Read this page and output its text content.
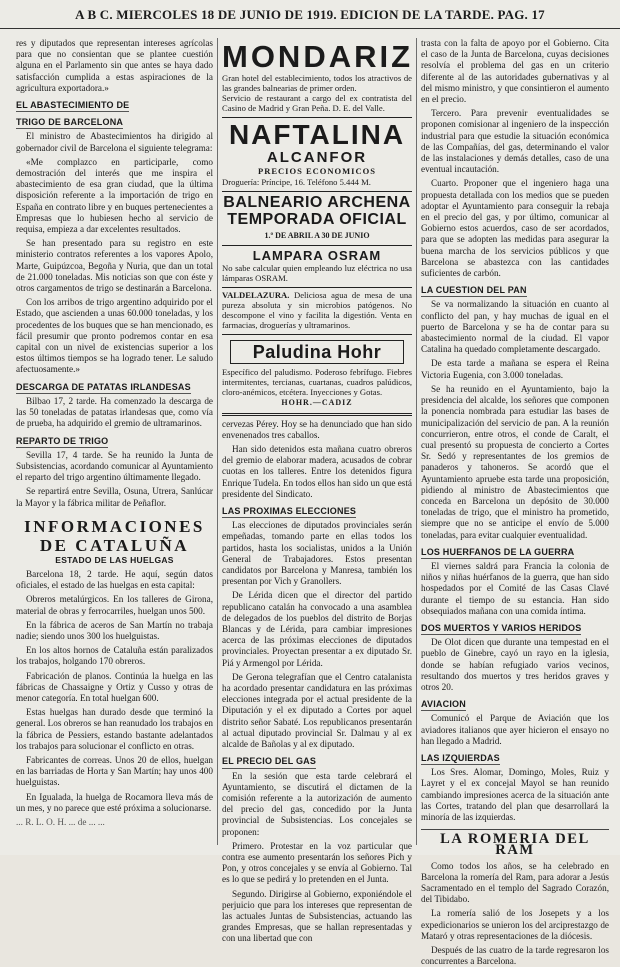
A B C. MIERCOLES 18 DE JUNIO DE 1919. EDICION DE LA TARDE. PAG. 17

res y diputados que representan intereses agrícolas para que no consientan que se plantee cuestión alguna en el Parlamento sin que antes se haya dado satisfacción cumplida a estas aspiraciones de la agricultura exportadora.»

EL ABASTECIMIENTO DE TRIGO DE BARCELONA

El ministro de Abastecimientos ha dirigido al gobernador civil de Barcelona el siguiente telegrama:

«Me complazco en participarle, como demostración del interés que me inspira el abastecimiento de esa gran ciudad, que la última disposición referente a la importación de trigo en España en contrato libre y en buques pertenecientes a Empresas que lo hubiesen hecho al servicio de requisa, empieza a dar excelentes resultados.

Se han presentado para su registro en este ministerio contratos referentes a los vapores Apolo, Marte, Guipúzcoa, Begoña y Nuria, que dan un total de 21.000 toneladas. Mis noticias son que con éste y otros cargamentos de trigo se destinarán a Barcelona.

Con los arribos de trigo argentino adquirido por el Estado, que ascienden a unas 60.000 toneladas, y los procedentes de los buques que se han mencionado, es fácil presumir que pronto podremos contar en esa capital con un nivel de existencias superior a los estos últimos tiempos se ha logrado tener. Le saludo afectuosamente.»

DESCARGA DE PATATAS IRLANDESAS

Bilbao 17, 2 tarde. Ha comenzado la descarga de las 50 toneladas de patatas irlandesas que, como vía de prueba, ha adquirido el gremio de ultramarinos.

REPARTO DE TRIGO

Sevilla 17, 4 tarde. Se ha reunido la Junta de Subsistencias, acordando comunicar al Ayuntamiento el reparto del trigo argentino últimamente llegado.

Se repartirá entre Sevilla, Osuna, Utrera, Sanlúcar la Mayor y la fábrica militar de Peñaflor.

INFORMACIONES DE CATALUÑA
ESTADO DE LAS HUELGAS

Barcelona 18, 2 tarde. He aquí, según datos oficiales, el estado de las huelgas en esta capital:

Obreros metalúrgicos. En los talleres de Girona, material de obras y ferrocarriles, huelgan unos 500.

En la fábrica de aceros de San Martín no trabaja nadie; siendo unos 300 los huelguistas.

En los altos hornos de Cataluña están paralizados los trabajos, holgando 170 obreros.

Fabricación de planos. Continúa la huelga en las fábricas de Chassaigne y Ortiz y Cusso y otras de menor categoría. En total huelgan 600.

Estas huelgas han durado desde que terminó la general. Los obreros se han reanudado los trabajos en la fábrica de Pessiers, estando bastante adelantados los trabajos para solucionar el conflicto en otras.

Fabricantes de correas. Unos 20 de ellos, huelgan en las barriadas de Horta y San Martín; hay unos 400 huelguistas.

En Igualada, la huelga de Rocamora lleva más de un mes, y no parece que esté próxima a solucionarse.

... R. L. O. H. ... de ... ...

MONDARIZ
Gran hotel del establecimiento, todos los atractivos de las grandes balnearias de primer orden.
Servicio de restaurant a cargo del ex contratista del Casino de Madrid y Gran Peña. D. E. del Valle.
NAFTALINA
ALCANFOR
PRECIOS ECONOMICOS
Droguería: Príncipe, 16. Teléfono 5.444 M.
BALNEARIO ARCHENA
TEMPORADA OFICIAL
1.º DE ABRIL A 30 DE JUNIO
LAMPARA OSRAM
No sabe calcular quien empleando luz eléctrica no usa lámparas OSRAM.
VALDELAZURA. Deliciosa agua de mesa de una pureza absoluta y sin microbios patógenos. No descompone el vino y facilita la digestión. Venta en farmacias, droguerías y ultramarinos.
Paludina Hohr
Específico del paludismo. Poderoso febrífugo. Fiebres intermitentes, tercianas, cuartanas, cuadros palúdicos, cloro-anémicos, etcétera. Inyecciones y Gotas.
HOHR.—CADIZ

cervezas Pérey. Hoy se ha denunciado que han sido envenenados tres caballos.

Han sido detenidos esta mañana cuatro obreros del gremio de elaborar madera, acusados de cobrar cuotas en los talleres. Entre los detenidos figura Enrique Tudela. En todos ellos han sido un que está presidente del Sindicato.

LAS PROXIMAS ELECCIONES

Las elecciones de diputados provinciales serán empeñadas, tomando parte en ellas todos los partidos, hasta los socialistas, unidos a la Unión General de Trabajadores. Estos presentan candidatos por Barcelona y Manresa, también los presentan por Vich y Granollers.

De Lérida dicen que el director del partido republicano catalán ha convocado a una asamblea de delegados de los pueblos del distrito de Borjas Blancas y de Lérida, para cambiar impresiones acerca de las próximas elecciones de diputados provinciales. Proyectan presentar a ex diputado Sr. Piá y Armengol por Lérida.

De Gerona telegrafían que el Centro catalanista ha acordado presentar candidatura en las próximas elecciones integrada por el actual presidente de la Diputación y el ex diputado a Cortes por aquel distrito señor Sabaté. Los republicanos presentarán al actual diputado provincial Sr. Dalmau y al ex alcalde de Bañolas y al ex diputado.

EL PRECIO DEL GAS

En la sesión que esta tarde celebrará el Ayuntamiento, se discutirá el dictamen de la comisión referente a la autorización de aumento del precio del gas, concedido por la Junta provincial de Subsistencias. Los concejales se proponen:

Primero. Protestar en la voz particular que contra ese aumento presentarán los señores Pich y Pon, y otros concejales y se envía al Gobierno. Tal es lo que se pedirá y lo pretenden en el Junta.

Segundo. Dirigirse al Gobierno, exponiéndole el perjuicio que para los intereses que representan de las actuales Juntas de Subsistencias, actuando las grandes Empresas, que se hallan representadas y con una libertad que con

trasta con la falta de apoyo por el Gobierno. Cita el caso de la Junta de Barcelona, cuyas decisiones resolvía el problema del gas en un criterio diferente al de las autoridades gubernativas y al del mismo ministro, y que consintieron el aumento en el precio.

Tercero. Para prevenir eventualidades se proponen comisionar al ingeniero de la inspección industrial para que estudie la situación económica de las Compañías, del gas, determinando el valor de las instalaciones y demás detalles, caso de una eventual incautación.

Cuarto. Proponer que el ingeniero haga una propuesta detallada con los medios que se pueden adoptar el Ayuntamiento para conseguir la rebaja en el precio del gas, y por último, comunicar al Gobierno estos acuerdos, caso de ser acordados, para que se adopten las medidas para asegurar la buena marcha de los servicios públicos y que Barcelona se abastezca con las cantidades suficientes de carbón.

LA CUESTION DEL PAN

Se va normalizando la situación en cuanto al conflicto del pan, y hay muchas de igual en el puerto de Barcelona y se ha de contar para su abastecimiento normal de la ciudad. El vapor Catalina ha quedado completamente descargado.

De esta tarde a mañana se espera el Reina Victoria Eugenia, con 3.000 toneladas.

Se ha reunido en el Ayuntamiento, bajo la presidencia del alcalde, los señores que componen la ponencia nombrada para estudiar las bases de municipalización del servicio de pan. A la reunión concurrieron, entre otros, el conde de Caralt, el cual presentó su propuesta de concierto a Cortes Sr. Sedó y representantes de los gremios de panaderos y tahoneros. Se acordó que el Ayuntamiento apruebe esta tarde una proposición, pidiendo al ministro de Abastecimientos que conceda en Barcelona un depósito de 30.000 toneladas de trigo, que el ministro ha prometido, siempre que no se anticipe el envío de 5.000 toneladas, para evitar cualquier eventualidad.

LOS HUERFANOS DE LA GUERRA

El viernes saldrá para Francia la colonia de niños y niñas huérfanos de la guerra, que han sido hospedados por el Comité de las Casas Clavé durante el tiempo de su estancia. Han sido obsequiados mañana con una comida íntima.

DOS MUERTOS Y VARIOS HERIDOS

De Olot dicen que durante una tempestad en el pueblo de Ginebre, cayó un rayo en la iglesia, donde se habían refugiado varios vecinos, resultando dos muertos y tres heridos graves y otros 20.

AVIACION

Comunicó el Parque de Aviación que los aviadores italianos que ayer hicieron el ensayo no han llegado a Madrid.

LAS IZQUIERDAS

Los Sres. Alomar, Domingo, Moles, Ruiz y Layret y el ex concejal Mayol se han reunido cambiando impresiones acerca de la situación ante las Cortes, tratando del plan que desarrollará la minoría de las izquierdas.

LA ROMERIA DEL RAM

Como todos los años, se ha celebrado en Barcelona la romería del Ram, para adorar a Jesús Sacramentado en el templo del Sagrado Corazón, del Tibidabo.

La romería salió de los Josepets y a los expedicionarios se unieron los del arciprestazgo de Mataró y otras representaciones de la diócesis.

Después de las cuatro de la tarde regresaron los concurrentes a Barcelona.
